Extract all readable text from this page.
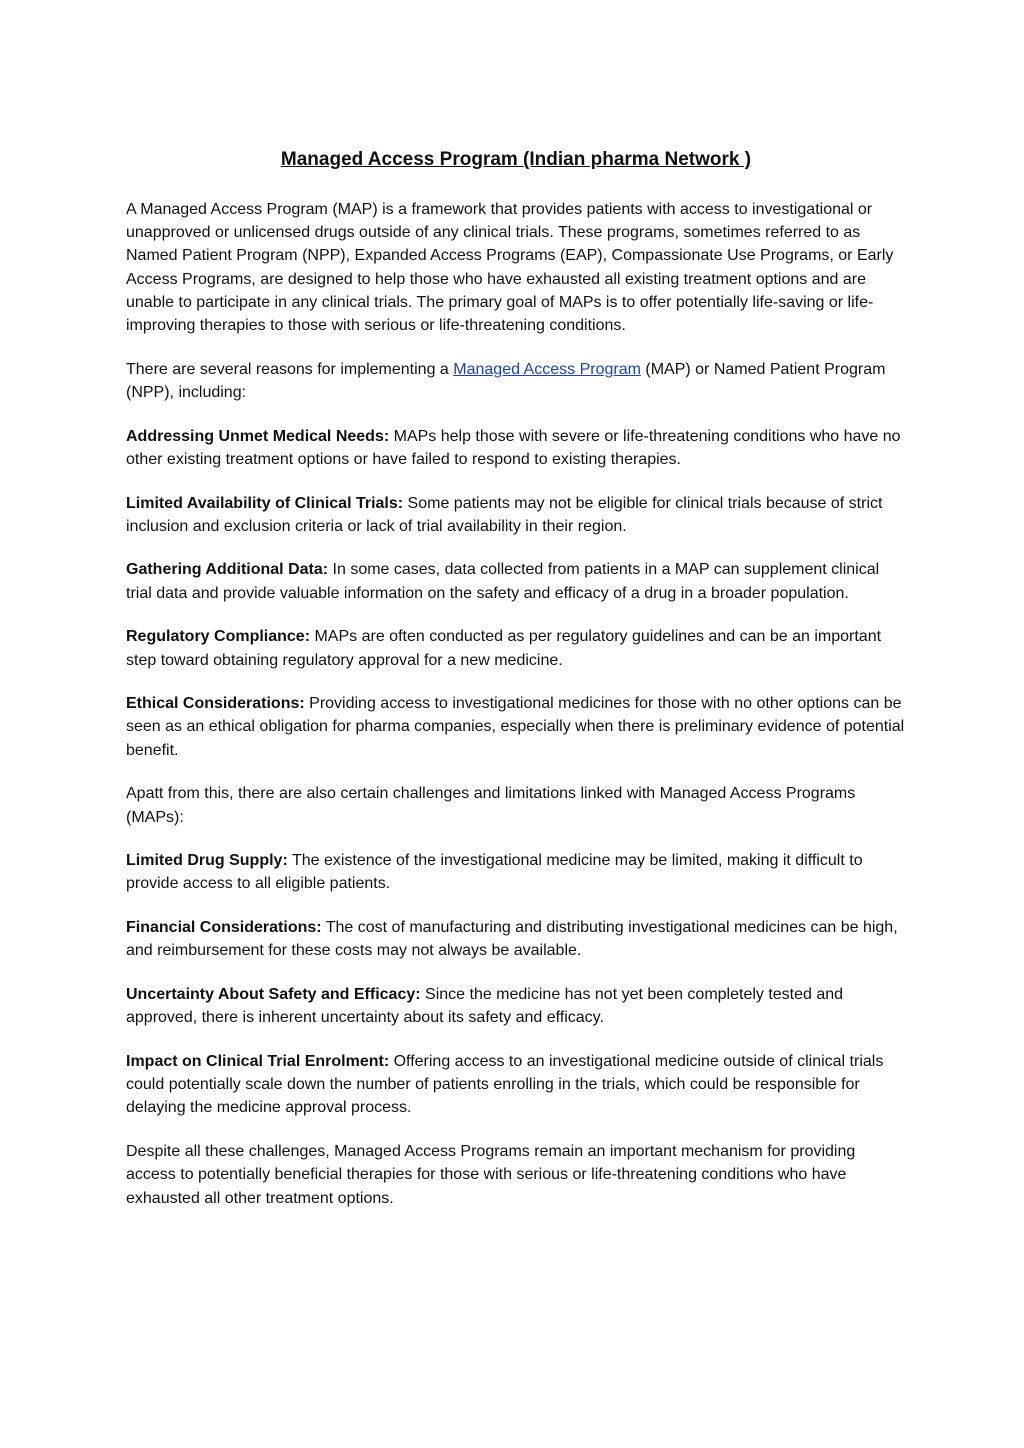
Managed Access Program (Indian pharma Network )

A Managed Access Program (MAP) is a framework that provides patients with access to investigational or unapproved or unlicensed drugs outside of any clinical trials. These programs, sometimes referred to as Named Patient Program (NPP), Expanded Access Programs (EAP), Compassionate Use Programs, or Early Access Programs, are designed to help those who have exhausted all existing treatment options and are unable to participate in any clinical trials. The primary goal of MAPs is to offer potentially life-saving or life-improving therapies to those with serious or life-threatening conditions.

There are several reasons for implementing a Managed Access Program (MAP) or Named Patient Program (NPP), including:

Addressing Unmet Medical Needs: MAPs help those with severe or life-threatening conditions who have no other existing treatment options or have failed to respond to existing therapies.

Limited Availability of Clinical Trials: Some patients may not be eligible for clinical trials because of strict inclusion and exclusion criteria or lack of trial availability in their region.

Gathering Additional Data: In some cases, data collected from patients in a MAP can supplement clinical trial data and provide valuable information on the safety and efficacy of a drug in a broader population.

Regulatory Compliance: MAPs are often conducted as per regulatory guidelines and can be an important step toward obtaining regulatory approval for a new medicine.

Ethical Considerations: Providing access to investigational medicines for those with no other options can be seen as an ethical obligation for pharma companies, especially when there is preliminary evidence of potential benefit.

Apatt from this, there are also certain challenges and limitations linked with Managed Access Programs (MAPs):

Limited Drug Supply: The existence of the investigational medicine may be limited, making it difficult to provide access to all eligible patients.

Financial Considerations: The cost of manufacturing and distributing investigational medicines can be high, and reimbursement for these costs may not always be available.

Uncertainty About Safety and Efficacy: Since the medicine has not yet been completely tested and approved, there is inherent uncertainty about its safety and efficacy.

Impact on Clinical Trial Enrolment: Offering access to an investigational medicine outside of clinical trials could potentially scale down the number of patients enrolling in the trials, which could be responsible for delaying the medicine approval process.

Despite all these challenges, Managed Access Programs remain an important mechanism for providing access to potentially beneficial therapies for those with serious or life-threatening conditions who have exhausted all other treatment options.
